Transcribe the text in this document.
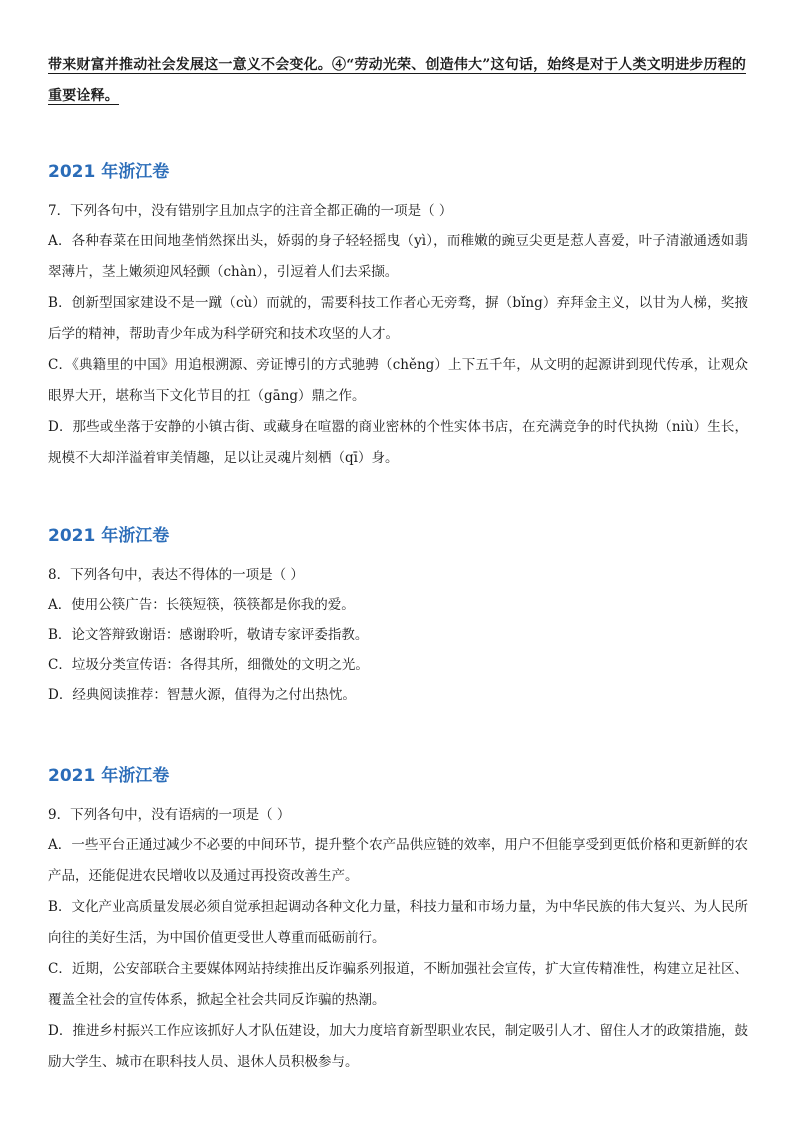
带来财富并推动社会发展这一意义不会变化。④“劳动光荣、创造伟大”这句话，始终是对于人类文明进步历程的重要诠释。
2021 年浙江卷

7．下列各句中，没有错别字且加点字的注音全都正确的一项是（ ）

A．各种春菜在田间地垄悄然探出头，娇弱的身子轻轻摇曳（yì），而稚嫩的豌豆尖更是惹人喜爱，叶子清澈通透如翡翠薄片，茎上嫩须迎风轻颤（chàn），引逗着人们去采撷。

B．创新型国家建设不是一蹴（cù）而就的，需要科技工作者心无旁骛，摒（bǐng）弃拜金主义，以甘为人梯，奖掖后学的精神，帮助青少年成为科学研究和技术攻坚的人才。

C．《典籍里的中国》用追根溯源、旁证博引的方式驰骋（chěng）上下五千年，从文明的起源讲到现代传承，让观众眼界大开，堪称当下文化节目的扛（gāng）鼎之作。

D．那些或坐落于安静的小镇古街、或藏身在喧嚣的商业密林的个性实体书店，在充满竞争的时代执拗（niù）生长，规模不大却洋溢着审美情趣，足以让灵魂片刻栖（qī）身。

2021 年浙江卷

8．下列各句中，表达不得体的一项是（ ）

A．使用公筷广告：长筷短筷，筷筷都是你我的爱。

B．论文答辩致谢语：感谢聆听，敬请专家评委指教。

C．垃圾分类宣传语：各得其所，细微处的文明之光。

D．经典阅读推荐：智慧火源，值得为之付出热忱。

2021 年浙江卷

9．下列各句中，没有语病的一项是（ ）

A．一些平台正通过减少不必要的中间环节，提升整个农产品供应链的效率，用户不但能享受到更低价格和更新鲜的农产品，还能促进农民增收以及通过再投资改善生产。

B．文化产业高质量发展必须自觉承担起调动各种文化力量，科技力量和市场力量，为中华民族的伟大复兴、为人民所向往的美好生活，为中国价值更受世人尊重而砥砺前行。

C．近期，公安部联合主要媒体网站持续推出反诈骗系列报道，不断加强社会宣传，扩大宣传精准性，构建立足社区、覆盖全社会的宣传体系，掀起全社会共同反诈骗的热潮。

D．推进乡村振兴工作应该抓好人才队伍建设，加大力度培育新型职业农民，制定吸引人才、留住人才的政策措施，鼓励大学生、城市在职科技人员、退休人员积极参与。
